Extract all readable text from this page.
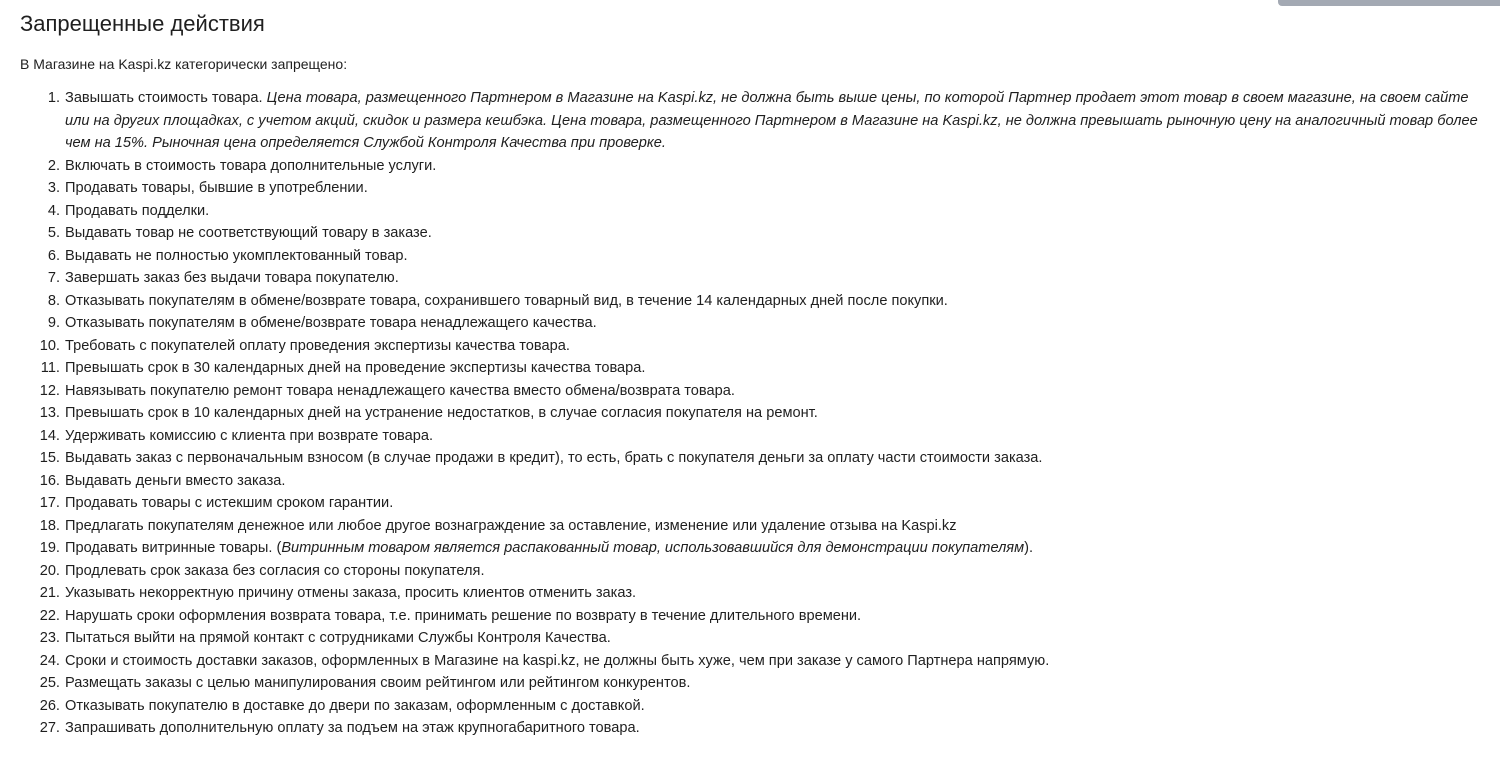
Запрещенные действия

В Магазине на Kaspi.kz категорически запрещено:

1. Завышать стоимость товара. Цена товара, размещенного Партнером в Магазине на Kaspi.kz, не должна быть выше цены, по которой Партнер продает этот товар в своем магазине, на своем сайте или на других площадках, с учетом акций, скидок и размера кешбэка. Цена товара, размещенного Партнером в Магазине на Kaspi.kz, не должна превышать рыночную цену на аналогичный товар более чем на 15%. Рыночная цена определяется Службой Контроля Качества при проверке.
2. Включать в стоимость товара дополнительные услуги.
3. Продавать товары, бывшие в употреблении.
4. Продавать подделки.
5. Выдавать товар не соответствующий товару в заказе.
6. Выдавать не полностью укомплектованный товар.
7. Завершать заказ без выдачи товара покупателю.
8. Отказывать покупателям в обмене/возврате товара, сохранившего товарный вид, в течение 14 календарных дней после покупки.
9. Отказывать покупателям в обмене/возврате товара ненадлежащего качества.
10. Требовать с покупателей оплату проведения экспертизы качества товара.
11. Превышать срок в 30 календарных дней на проведение экспертизы качества товара.
12. Навязывать покупателю ремонт товара ненадлежащего качества вместо обмена/возврата товара.
13. Превышать срок в 10 календарных дней на устранение недостатков, в случае согласия покупателя на ремонт.
14. Удерживать комиссию с клиента при возврате товара.
15. Выдавать заказ с первоначальным взносом (в случае продажи в кредит), то есть, брать с покупателя деньги за оплату части стоимости заказа.
16. Выдавать деньги вместо заказа.
17. Продавать товары с истекшим сроком гарантии.
18. Предлагать покупателям денежное или любое другое вознаграждение за оставление, изменение или удаление отзыва на Kaspi.kz
19. Продавать витринные товары. (Витринным товаром является распакованный товар, использовавшийся для демонстрации покупателям).
20. Продлевать срок заказа без согласия со стороны покупателя.
21. Указывать некорректную причину отмены заказа, просить клиентов отменить заказ.
22. Нарушать сроки оформления возврата товара, т.е. принимать решение по возврату в течение длительного времени.
23. Пытаться выйти на прямой контакт с сотрудниками Службы Контроля Качества.
24. Сроки и стоимость доставки заказов, оформленных в Магазине на kaspi.kz, не должны быть хуже, чем при заказе у самого Партнера напрямую.
25. Размещать заказы с целью манипулирования своим рейтингом или рейтингом конкурентов.
26. Отказывать покупателю в доставке до двери по заказам, оформленным с доставкой.
27. Запрашивать дополнительную оплату за подъем на этаж крупногабаритного товара.
